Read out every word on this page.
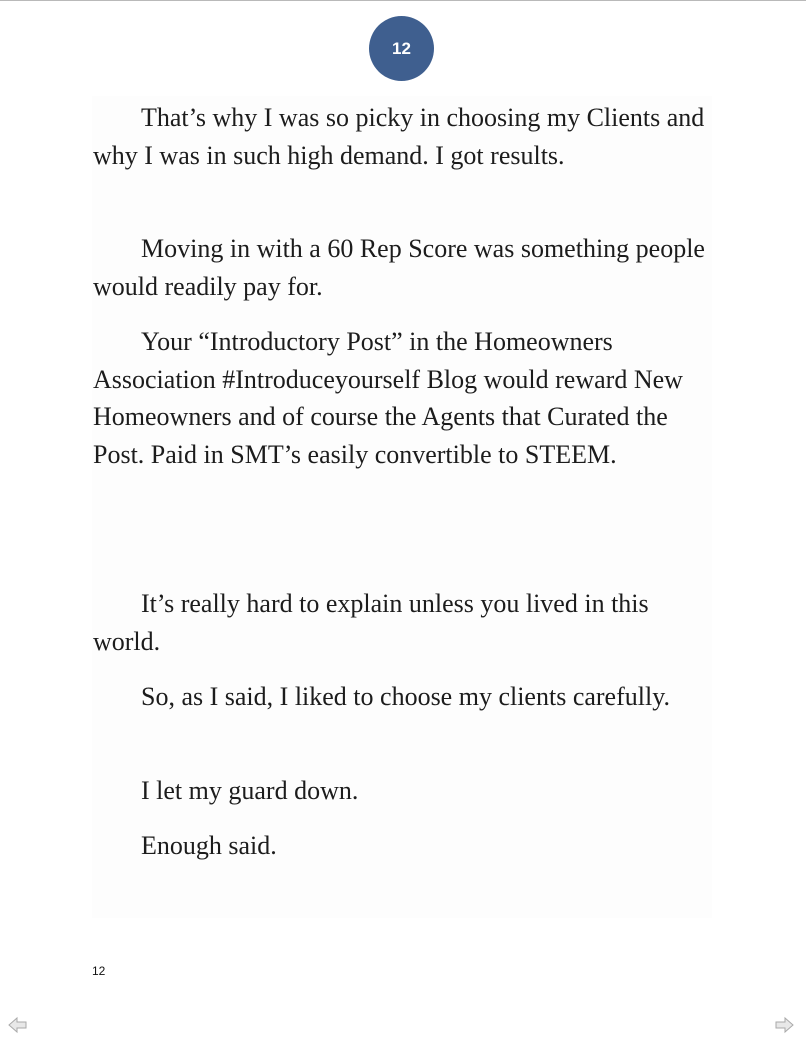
12

That’s why I was so picky in choosing my Clients and why I was in such high demand. I got results.

Moving in with a 60 Rep Score was something people would readily pay for.

Your “Introductory Post” in the Homeowners Association #Introduceyourself Blog would reward New Homeowners and of course the Agents that Curated the Post. Paid in SMT’s easily convertible to STEEM.

It’s really hard to explain unless you lived in this world.

So, as I said, I liked to choose my clients carefully.

I let my guard down.

Enough said.

12
